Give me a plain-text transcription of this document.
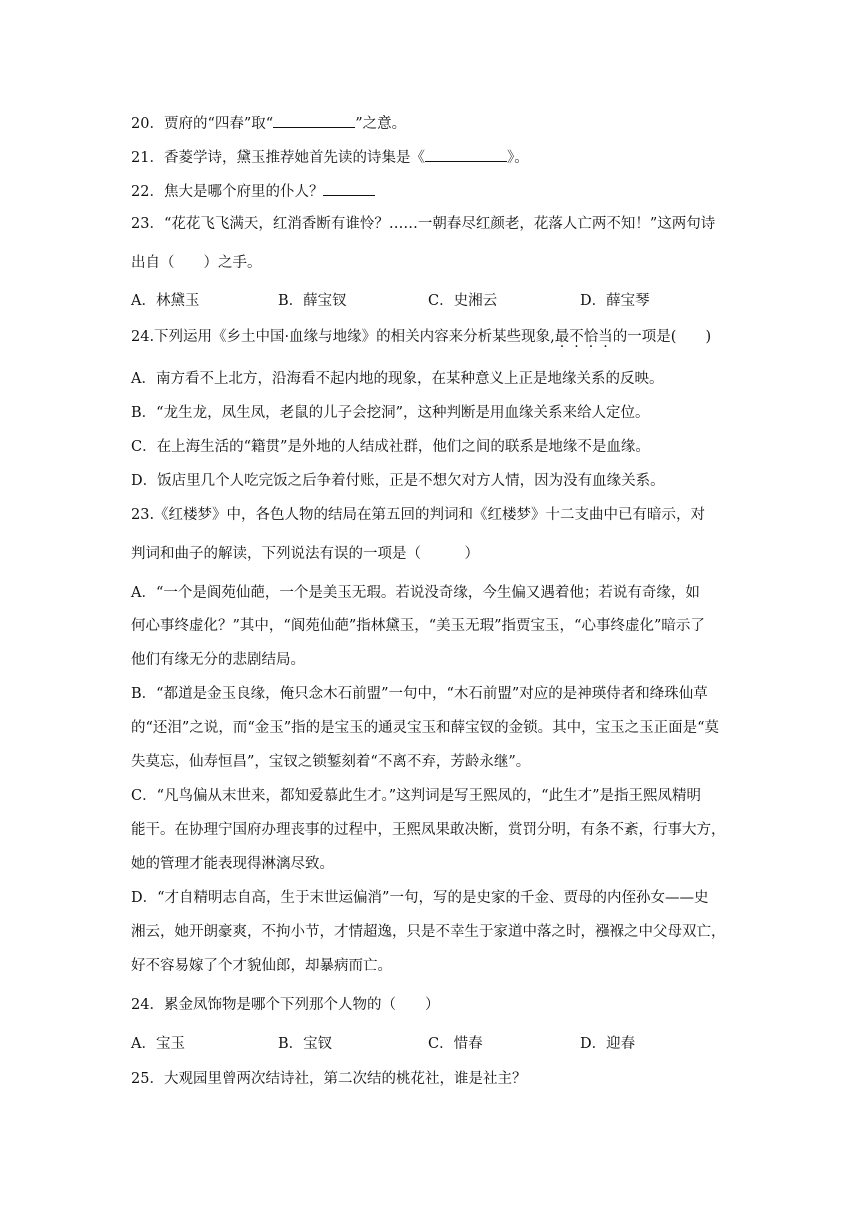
20．贾府的“四春”取“	”之意。
21．香菱学诗，黛玉推荐她首先读的诗集是《	》。
22．焦大是哪个府里的仆人？
23．“花花飞飞满天，红消香断有谁怜？……一朝春尽红颜老，花落人亡两不知！”这两句诗
出自（　　）之手。
A．林黛玉	B．薛宝钗	C．史湘云	D．薛宝琴
24.下列运用《乡土中国·血缘与地缘》的相关内容来分析某些现象,最不恰当的一项是(　　)
A．南方看不上北方，沿海看不起内地的现象，在某种意义上正是地缘关系的反映。
B．“龙生龙，凤生凤，老鼠的儿子会挖洞”，这种判断是用血缘关系来给人定位。
C．在上海生活的“籍贯”是外地的人结成社群，他们之间的联系是地缘不是血缘。
D．饭店里几个人吃完饭之后争着付账，正是不想欠对方人情，因为没有血缘关系。
23.《红楼梦》中，各色人物的结局在第五回的判词和《红楼梦》十二支曲中已有暗示，对
判词和曲子的解读，下列说法有误的一项是（　　　）
A．“一个是阆苑仙葩，一个是美玉无瑕。若说没奇缘，今生偏又遇着他；若说有奇缘，如
何心事终虚化？”其中，“阆苑仙葩”指林黛玉，“美玉无瑕”指贾宝玉，“心事终虚化”暗示了
他们有缘无分的悲剧结局。
B．“都道是金玉良缘，俺只念木石前盟”一句中，“木石前盟”对应的是神瑛侍者和绛珠仙草
的“还泪”之说，而“金玉”指的是宝玉的通灵宝玉和薛宝钗的金锁。其中，宝玉之玉正面是“莫
失莫忘，仙寿恒昌”，宝钗之锁錾刻着“不离不弃，芳龄永继”。
C．“凡鸟偏从末世来，都知爱慕此生才。”这判词是写王熙凤的，“此生才”是指王熙凤精明
能干。在协理宁国府办理丧事的过程中，王熙凤果敢决断，赏罚分明，有条不紊，行事大方，
她的管理才能表现得淋漓尽致。
D．“才自精明志自高，生于末世运偏消”一句，写的是史家的千金、贾母的内侄孙女——史
湘云，她开朗豪爽，不拘小节，才情超逸，只是不幸生于家道中落之时，襁褓之中父母双亡，
好不容易嫁了个才貌仙郎，却暴病而亡。
24．累金凤饰物是哪个下列那个人物的（　　）
A．宝玉	B．宝钗	C．惜春	D．迎春
25．大观园里曾两次结诗社，第二次结的桃花社，谁是社主？
